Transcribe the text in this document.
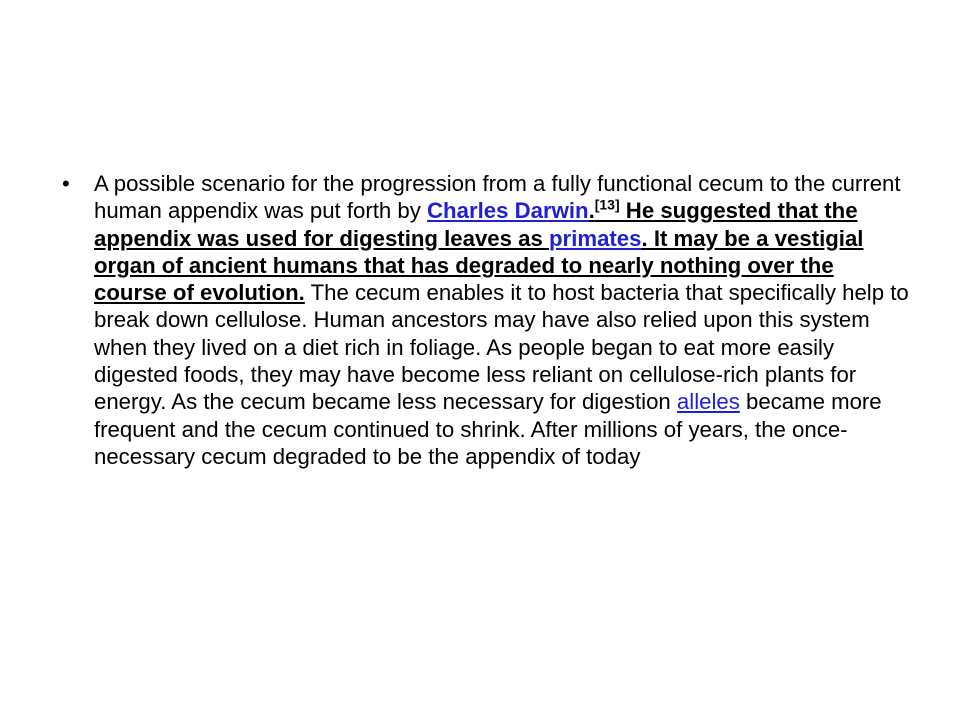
•	A possible scenario for the progression from a fully functional cecum to the current human appendix was put forth by Charles Darwin.[13] He suggested that the appendix was used for digesting leaves as primates. It may be a vestigial organ of ancient humans that has degraded to nearly nothing over the course of evolution. The cecum enables it to host bacteria that specifically help to break down cellulose. Human ancestors may have also relied upon this system when they lived on a diet rich in foliage. As people began to eat more easily digested foods, they may have become less reliant on cellulose-rich plants for energy. As the cecum became less necessary for digestion alleles became more frequent and the cecum continued to shrink. After millions of years, the once-necessary cecum degraded to be the appendix of today
